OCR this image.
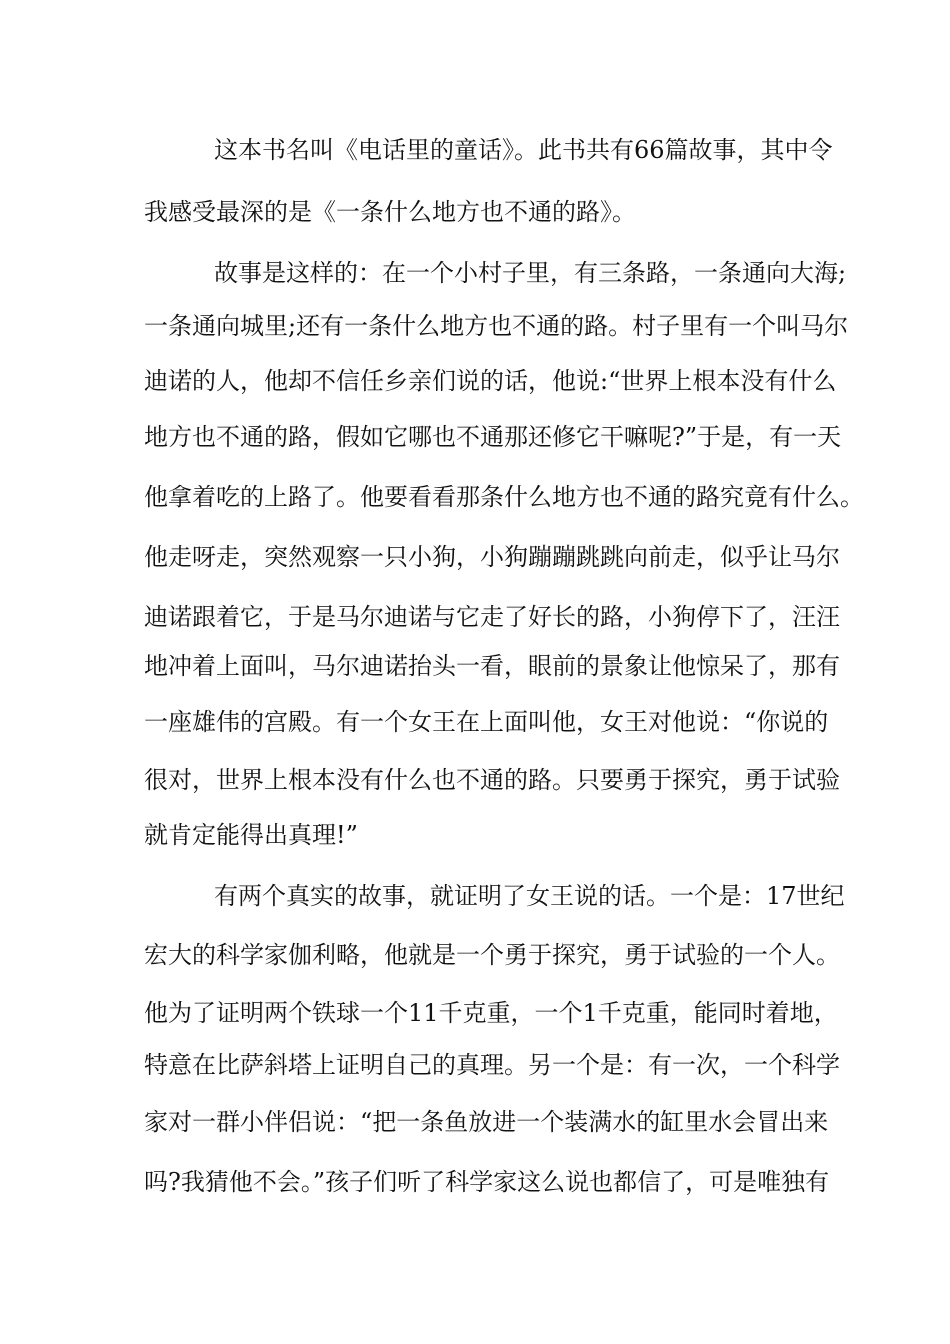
这本书名叫《电话里的童话》。此书共有66篇故事，其中令
我感受最深的是《一条什么地方也不通的路》。
故事是这样的：在一个小村子里，有三条路，一条通向大海;
一条通向城里;还有一条什么地方也不通的路。村子里有一个叫马尔
迪诺的人，他却不信任乡亲们说的话，他说:“世界上根本没有什么
地方也不通的路，假如它哪也不通那还修它干嘛呢?”于是，有一天
他拿着吃的上路了。他要看看那条什么地方也不通的路究竟有什么。
他走呀走，突然观察一只小狗，小狗蹦蹦跳跳向前走，似乎让马尔
迪诺跟着它，于是马尔迪诺与它走了好长的路，小狗停下了，汪汪
地冲着上面叫，马尔迪诺抬头一看，眼前的景象让他惊呆了，那有
一座雄伟的宫殿。有一个女王在上面叫他，女王对他说：“你说的
很对，世界上根本没有什么也不通的路。只要勇于探究，勇于试验
就肯定能得出真理!”
有两个真实的故事，就证明了女王说的话。一个是：17世纪
宏大的科学家伽利略，他就是一个勇于探究，勇于试验的一个人。
他为了证明两个铁球一个11千克重，一个1千克重，能同时着地，
特意在比萨斜塔上证明自己的真理。另一个是：有一次，一个科学
家对一群小伴侣说：“把一条鱼放进一个装满水的缸里水会冒出来
吗?我猜他不会。”孩子们听了科学家这么说也都信了，可是唯独有
